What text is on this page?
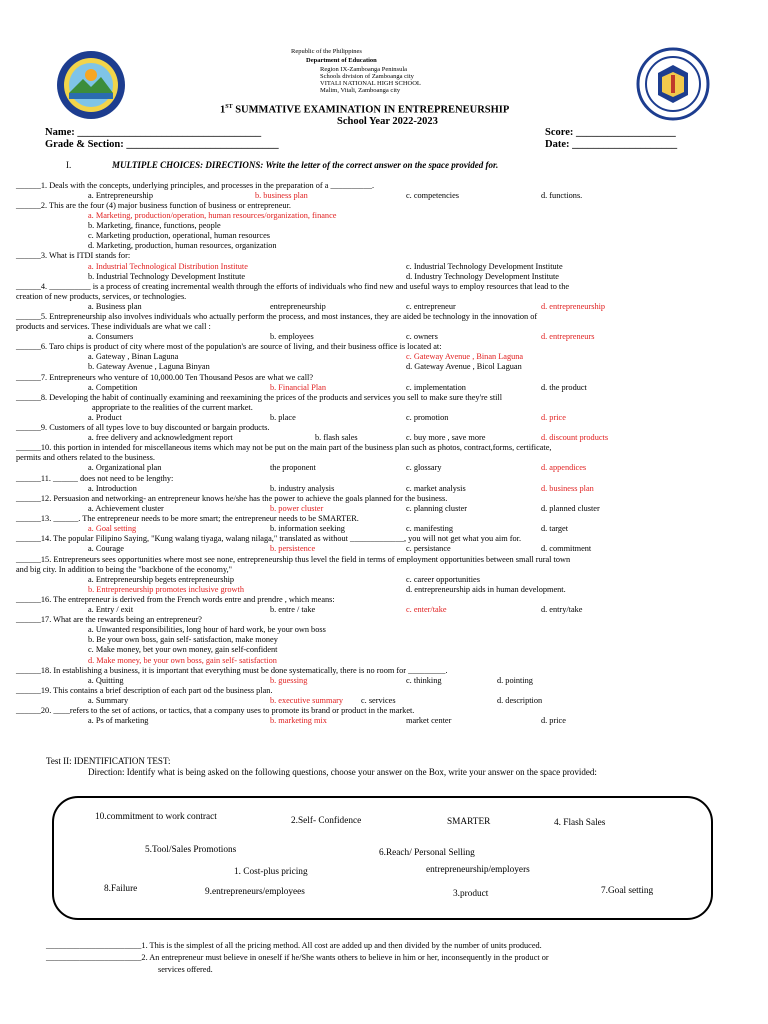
Republic of the Philippines
Department of Education
Region IX-Zamboanga Peninsula
Schools division of Zamboanga city
VITALI NATIONAL HIGH SCHOOL
Malim, Vitali, Zamboanga city
1ST SUMMATIVE EXAMINATION IN ENTREPRENEURSHIP
School Year 2022-2023
Name: ___________________________________
Grade & Section: _____________________________
Score: ___________________
Date: ____________________
I.	MULTIPLE CHOICES: DIRECTIONS: Write the letter of the correct answer on the space provided for.
______1. Deals with the concepts, underlying principles, and processes in the preparation of a __________.
a. Entrepreneurship	b. business plan	c. competencies	d. functions.
______2. This are the four (4) major business function of business or entrepreneur.
a. Marketing, production/operation, human resources/organization, finance
b. Marketing, finance, functions, people
c. Marketing production, operational, human resources
d. Marketing, production, human resources, organization
______3. What is ITDI stands for:
a. Industrial Technological Distribution Institute	c. Industrial Technology Development Institute
b. Industrial Technology Development Institute	d. Industry Technology Development Institute
______4. __________ is a process of creating incremental wealth through the efforts of individuals who find new and useful ways to employ resources that lead to the
creation of new products, services, or technologies.
a. Business plan	entrepreneurship	c. entrepreneur	d. entrepreneurship
______5. Entrepreneurship also involves individuals who actually perform the process, and most instances, they are aided be technology in the innovation of
products and services. These individuals are what we call :
a. Consumers	b. employees	c. owners	d. entrepreneurs
______6. Taro chips is product of city where most of the population's are source of living, and their business office is located at:
a. Gateway , Binan Laguna	c. Gateway Avenue , Binan Laguna
b. Gateway Avenue , Laguna Binyan	d. Gateway Avenue , Bicol Laguan
______7. Entrepreneurs who venture of 10,000.00 Ten Thousand Pesos are what we call?
a. Competition	b. Financial Plan	c. implementation	d. the product
______8. Developing the habit of continually examining and reexamining the prices of the products and services you sell to make sure they're still
appropriate to the realities of the current market.
a. Product	b. place	c. promotion	d. price
______9. Customers of all types love to buy discounted or bargain products.
a. free delivery and acknowledgment report	b. flash sales	c. buy more , save more	d. discount products
______10. this portion in intended for miscellaneous items which may not be put on the main part of the business plan such as photos, contract,forms, certificate,
permits and others related to the business.
a. Organizational plan	the proponent	c. glossary	d. appendices
______11. ______ does not need to be lengthy:
a. Introduction	b. industry analysis	c. market analysis	d. business plan
______12. Persuasion and networking- an entrepreneur knows he/she has the power to achieve the goals planned for the business.
a. Achievement cluster	b. power cluster	c. planning cluster	d. planned cluster
______13. ______. The entrepreneur needs to be more smart; the entrepreneur needs to be SMARTER.
a. Goal setting	b. information seeking	c. manifesting	d. target
______14. The popular Filipino Saying, "Kung walang tiyaga, walang nilaga," translated as without _____________, you will not get what you aim for.
a. Courage	b. persistence	c. persistance	d. commitment
______15. Entrepreneurs sees opportunities where most see none, entrepreneurship thus level the field in terms of employment opportunities between small rural town
and big city. In addition to being the "backbone of the economy,"
a. Entrepreneurship begets entrepreneurship	c. career opportunities
b. Entrepreneurship promotes inclusive growth	d. entrepreneurship aids in human development.
______16. The entrepreneur is derived from the French words entre and prendre , which means:
a. Entry / exit	b. entre / take	c. enter/take	d. entry/take
______17. What are the rewards being an entrepreneur?
a. Unwanted responsibilities, long hour of hard work, be your own boss
b. Be your own boss, gain self- satisfaction, make money
c. Make money, bet your own money, gain self-confident
d. Make money, be your own boss, gain self- satisfaction
______18. In establishing a business, it is important that everything must be done systematically, there is no room for _________.
a. Quitting	b. guessing	c. thinking	d. pointing
______19. This contains a brief description of each part od the business plan.
a. Summary	b. executive summary c. services	d. description
______20. ____refers to the set of actions, or tactics, that a company uses to promote its brand or product in the market.
a. Ps of marketing	b. marketing mix	market center	d. price
Test II: IDENTIFICATION TEST:
Direction: Identify what is being asked on the following questions, choose your answer on the Box, write your answer on the space provided:
10.commitment to work contract	2.Self- Confidence	SMARTER	4. Flash Sales
5.Tool/Sales Promotions	6.Reach/ Personal Selling
1. Cost-plus pricing	entrepreneurship/employers
8.Failure	9.entrepreneurs/employees	3.product	7.Goal setting
_______________________1. This is the simplest of all the pricing method. All cost are added up and then divided by the number of units produced.
_______________________2. An entrepreneur must believe in oneself if he/She wants others to believe in him or her, inconsequently in the product or
services offered.
